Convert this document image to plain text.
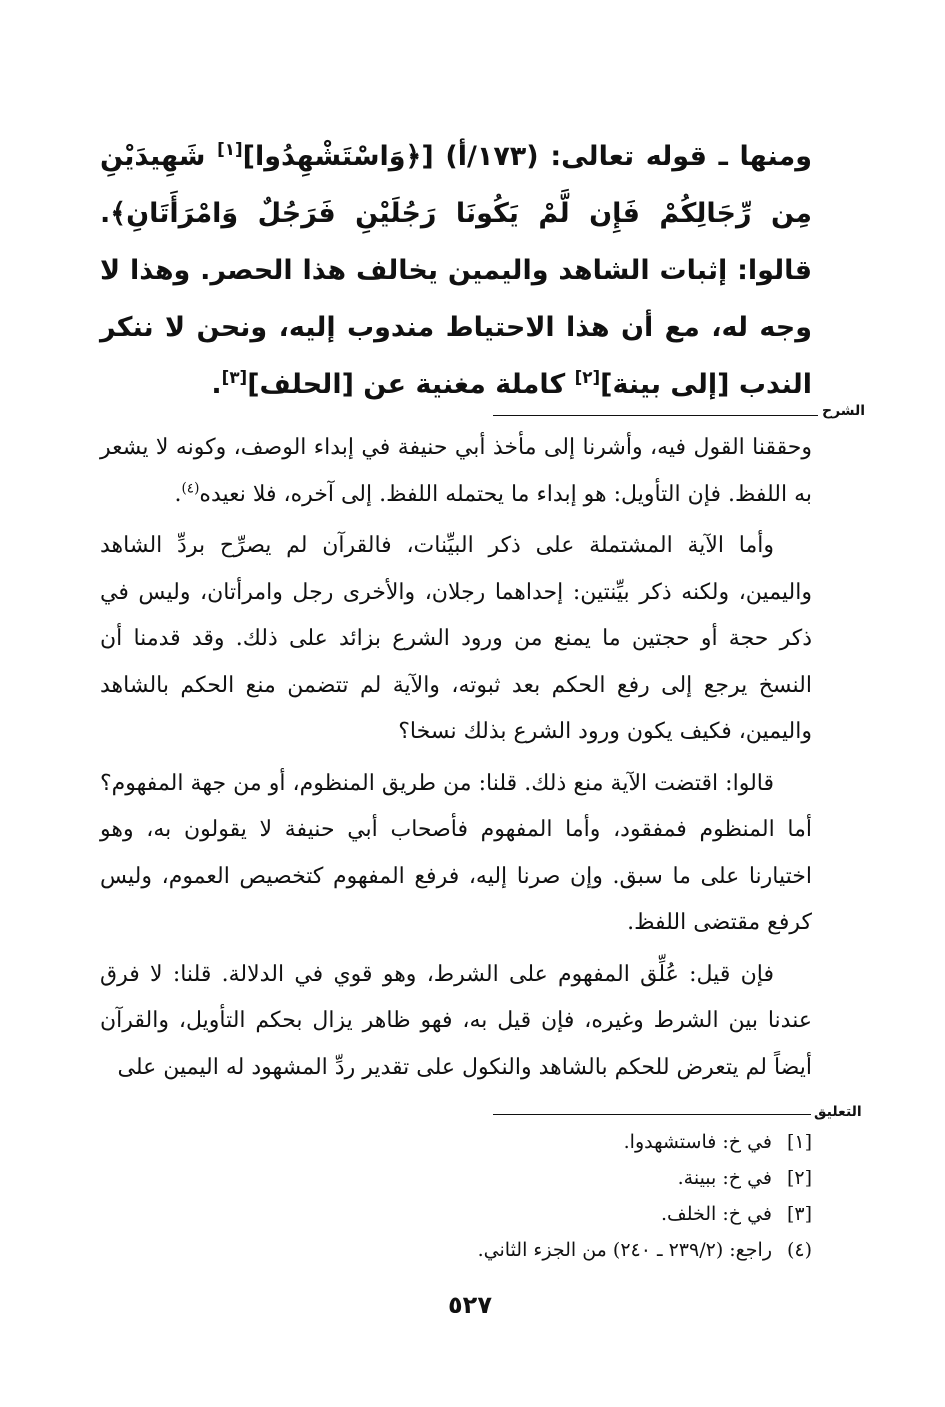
ومنها ـ قوله تعالى: (١٧٣/أ) [﴿وَاسْتَشْهِدُوا][١] شَهِيدَيْنِ مِن رِّجَالِكُمْ فَإِن لَّمْ يَكُونَا رَجُلَيْنِ فَرَجُلٌ وَامْرَأَتَانِ﴾. قالوا: إثبات الشاهد واليمين يخالف هذا الحصر. وهذا لا وجه له، مع أن هذا الاحتياط مندوب إليه، ونحن لا ننكر الندب [إلى بينة][٢] كاملة مغنية عن [الحلف][٣].

الشرح

وحققنا القول فيه، وأشرنا إلى مأخذ أبي حنيفة في إبداء الوصف، وكونه لا يشعر به اللفظ. فإن التأويل: هو إبداء ما يحتمله اللفظ. إلى آخره، فلا نعيده$^{(٤)}$.

وأما الآية المشتملة على ذكر البيِّنات، فالقرآن لم يصرِّح بردِّ الشاهد واليمين، ولكنه ذكر بيِّنتين: إحداهما رجلان، والأخرى رجل وامرأتان، وليس في ذكر حجة أو حجتين ما يمنع من ورود الشرع بزائد على ذلك. وقد قدمنا أن النسخ يرجع إلى رفع الحكم بعد ثبوته، والآية لم تتضمن منع الحكم بالشاهد واليمين، فكيف يكون ورود الشرع بذلك نسخا؟

قالوا: اقتضت الآية منع ذلك. قلنا: من طريق المنظوم، أو من جهة المفهوم؟ أما المنظوم فمفقود، وأما المفهوم فأصحاب أبي حنيفة لا يقولون به، وهو اختيارنا على ما سبق. وإن صرنا إليه، فرفع المفهوم كتخصيص العموم، وليس كرفع مقتضى اللفظ.

فإن قيل: عُلِّق المفهوم على الشرط، وهو قوي في الدلالة. قلنا: لا فرق عندنا بين الشرط وغيره، فإن قيل به، فهو ظاهر يزال بحكم التأويل، والقرآن أيضاً لم يتعرض للحكم بالشاهد والنكول على تقدير ردِّ المشهود له اليمين على

التعليق
[١]في خ: فاستشهدوا.
[٢]في خ: ببينة.
[٣]في خ: الخلف.
(٤)راجع: (٢٣٩/٢ ـ ٢٤٠) من الجزء الثاني.
٥٢٧
